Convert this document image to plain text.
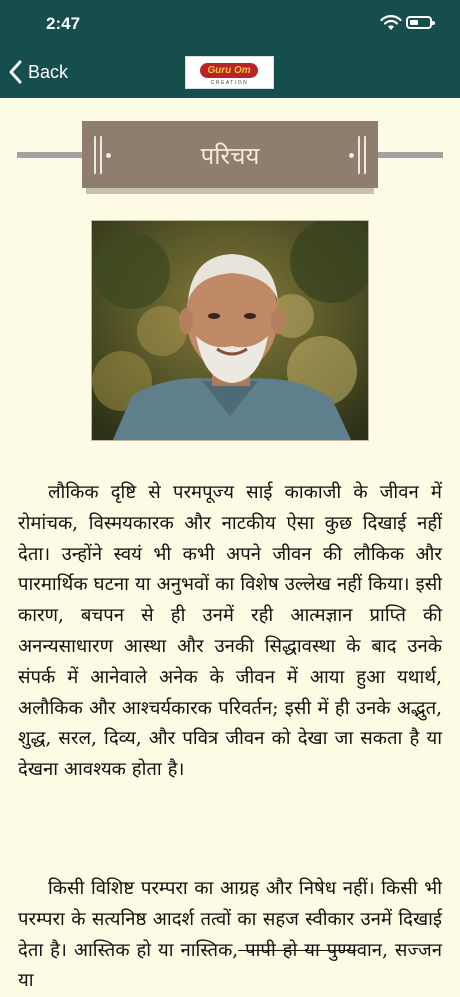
2:47
Back	Guru Om
CREATION
परिचय

लौकिक दृष्टि से परमपूज्य साई काकाजी के जीवन में रोमांचक, विस्मयकारक और नाटकीय ऐसा कुछ दिखाई नहीं देता। उन्होंने स्वयं भी कभी अपने जीवन की लौकिक और पारमार्थिक घटना या अनुभवों का विशेष उल्लेख नहीं किया। इसी कारण, बचपन से ही उनमें रही आत्मज्ञान प्राप्ति की अनन्यसाधारण आस्था और उनकी सिद्धावस्था के बाद उनके संपर्क में आनेवाले अनेक के जीवन में आया हुआ यथार्थ, अलौकिक और आश्चर्यकारक परिवर्तन; इसी में ही उनके अद्भुत, शुद्ध, सरल, दिव्य, और पवित्र जीवन को देखा जा सकता है या देखना आवश्यक होता है।

किसी विशिष्ट परम्परा का आग्रह और निषेध नहीं। किसी भी परम्परा के सत्यनिष्ठ आदर्श तत्वों का सहज स्वीकार उनमें दिखाई देता है। आस्तिक हो या नास्तिक, पापी हो या पुण्यवान, सज्जन या
